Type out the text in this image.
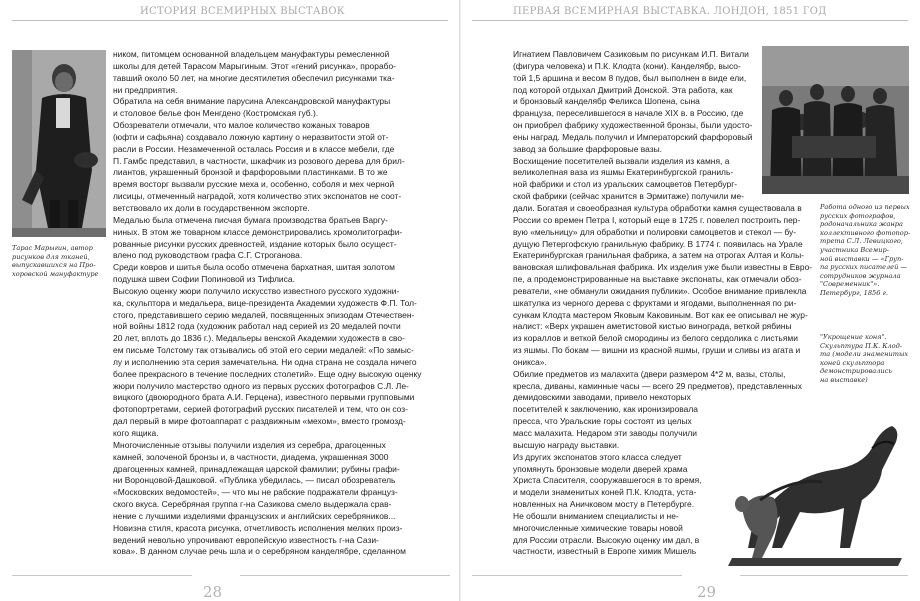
ИСТОРИЯ ВСЕМИРНЫХ ВЫСТАВОК	ПЕРВАЯ ВСЕМИРНАЯ ВЫСТАВКА. ЛОНДОН, 1851 ГОД
Тарас Марыгин, автор
рисунков для тканей,
выпускавшихся на Про-
хоровской мануфактуре
ником, питомцем основанной владельцем мануфактуры ремесленной
школы для детей Тарасом Марыгиным. Этот «гений рисунка», прорабо-
тавший около 50 лет, на многие десятилетия обеспечил рисунками тка-
ни предприятия.
Обратила на себя внимание парусина Александровской мануфактуры
и столовое белье фон Менгдено (Костромская губ.).
Обозреватели отмечали, что малое количество кожаных товаров
(юфти и сафьяна) создавало ложную картину о неразвитости этой от-
расли в России. Незамеченной осталась Россия и в классе мебели, где
П. Гамбс представил, в частности, шкафчик из розового дерева для брил-
лиантов, украшенный бронзой и фарфоровыми пластинками. В то же
время восторг вызвали русские меха и, особенно, соболя и мех черной
лисицы, отмеченный наградой, хотя количество этих экспонатов не соот-
ветствовало их доли в государственном экспорте.
Медалью была отмечена писчая бумага производства братьев Варгу-
ниных. В этом же товарном классе демонстрировались хромолитографи-
рованные рисунки русских древностей, издание которых было осущест-
влено под руководством графа С.Г. Строганова.
Среди ковров и шитья была особо отмечена бархатная, шитая золотом
подушка швеи Софии Попиновой из Тифлиса.
Высокую оценку жюри получило искусство известного русского художни-
ка, скульптора и медальера, вице-президента Академии художеств Ф.П. Тол-
стого, представившего серию медалей, посвященных эпизодам Отечествен-
ной войны 1812 года (художник работал над серией из 20 медалей почти
20 лет, вплоть до 1836 г.). Медальеры венской Академии художеств в сво-
ем письме Толстому так отзывались об этой его серии медалей: «По замыс-
лу и исполнению эта серия замечательна. Ни одна страна не создала ничего
более прекрасного в течение последних столетий». Еще одну высокую оценку
жюри получило мастерство одного из первых русских фотографов С.Л. Ле-
вицкого (двоюродного брата А.И. Герцена), известного первыми групповыми
фотопортретами, серией фотографий русских писателей и тем, что он соз-
дал первый в мире фотоаппарат с раздвижным «мехом», вместо громозд-
кого ящика.
Многочисленные отзывы получили изделия из серебра, драгоценных
камней, золоченой бронзы и, в частности, диадема, украшенная 3000
драгоценных камней, принадлежащая царской фамилии; рубины графи-
ни Воронцовой-Дашковой. «Публика убедилась, — писал обозреватель
«Московских ведомостей», — что мы не рабские подражатели француз-
ского вкуса. Серебряная группа г-на Сазикова смело выдержала срав-
нение с лучшими изделиями французских и английских серебряников...
Новизна стиля, красота рисунка, отчетливость исполнения мелких произ-
ведений невольно упрочивают европейскую известность г-на Сази-
кова». В данном случае речь шла и о серебряном канделябре, сделанном
28
Игнатием Павловичем Сазиковым по рисункам И.П. Витали
(фигура человека) и П.К. Клодта (кони). Канделябр, высо-
той 1,5 аршина и весом 8 пудов, был выполнен в виде ели,
под которой отдыхал Дмитрий Донской. Эта работа, как
и бронзовый канделябр Феликса Шопена, сына
француза, переселившегося в начале XIX в. в Россию, где
он приобрел фабрику художественной бронзы, были удосто-
ены наград. Медаль получил и Императорский фарфоровый
завод за большие фарфоровые вазы.
Восхищение посетителей вызвали изделия из камня, а
великолепная ваза из яшмы Екатеринбургской граниль-
ной фабрики и стол из уральских самоцветов Петербург-
ской фабрики (сейчас хранится в Эрмитаже) получили ме-
дали. Богатая и своеобразная культура обработки камня существовала в
России со времен Петра I, который еще в 1725 г. повелел построить пер-
вую «мельницу» для обработки и полировки самоцветов и стекол — бу-
дущую Петергофскую гранильную фабрику. В 1774 г. появилась на Урале
Екатеринбургская гранильная фабрика, а затем на отрогах Алтая и Колы-
вановская шлифовальная фабрика. Их изделия уже были известны в Евро-
пе, а продемонстрированные на выставке экспонаты, как отмечали обоз-
реватели, «не обманули ожидания публики». Особое внимание привлекла
шкатулка из черного дерева с фруктами и ягодами, выполненная по ри-
сункам Клодта мастером Яковым Каковиным. Вот как ее описывал не жур-
налист: «Верх украшен аметистовой кистью винограда, веткой рябины
из кораллов и веткой белой смородины из белого сердолика с листьями
из яшмы. По бокам — вишни из красной яшмы, груши и сливы из агата и
оникса».
Обилие предметов из малахита (двери размером 4*2 м, вазы, столы,
кресла, диваны, каминные часы — всего 29 предметов), представленных
демидовскими заводами, привело некоторых
посетителей к заключению, как иронизировала
пресса, что Уральские горы состоят из целых
масс малахита. Недаром эти заводы получили
высшую награду выставки.
Из других экспонатов этого класса следует
упомянуть бронзовые модели дверей храма
Христа Спасителя, сооружавшегося в то время,
и модели знаменитых коней П.К. Клодта, уста-
новленных на Аничковом мосту в Петербурге.
Не обошли вниманием специалисты и не-
многочисленные химические товары новой
для России отрасли. Высокую оценку им дал, в
частности, известный в Европе химик Мишель
Работа одного из первых
русских фотографов,
родоначальника жанра
коллективного фотопор-
трета С.Л. Левицкого,
участника Всемир-
ной выставки — «Груп-
па русских писателей —
сотрудников журнала
"Современник"».
Петербург, 1856 г.
"Укрощение коня".
Скульптура П.К. Клод-
та (модели знаменитых
коней скульптора
демонстрировались
на выставке)
29
